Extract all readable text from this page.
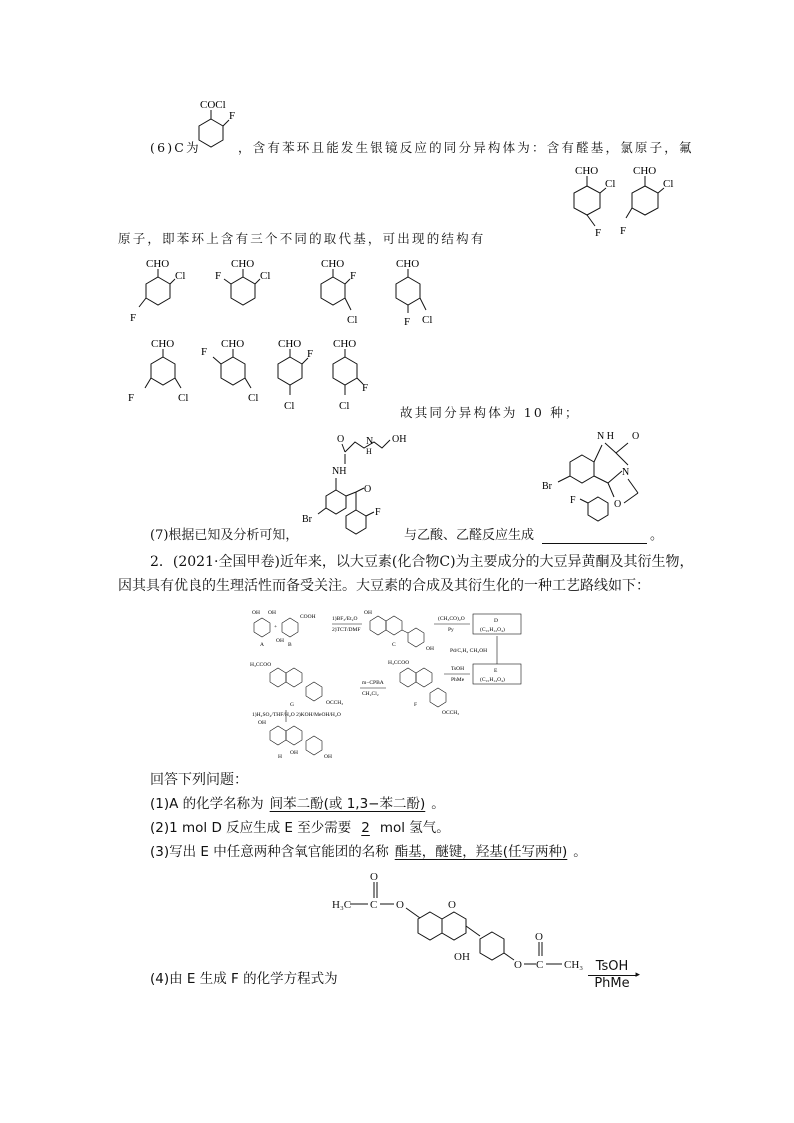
COCl
F
(6)C为	，含有苯环且能发生银镜反应的同分异构体为：含有醛基，氯原子，氟
CHO
Cl
F
CHO
Cl
F
原子，即苯环上含有三个不同的取代基，可出现的结构有
CHO
Cl
F
CHO
Cl
F
CHO
F
Cl
CHO
F Cl
CHO
F	Cl
CHO
F
Cl
CHO
F
Cl
CHO
F
Cl	故其同分异构体为 10 种；
N
H
OH
O
NH
Br
O
F
N H O
N
O
Br
F
(7)根据已知及分析可知，	与乙酸、乙醛反应生成	。
2．(2021·全国甲卷)近年来，以大豆素(化合物C)为主要成分的大豆异黄酮及其衍生物，
因其具有优良的生理活性而备受关注。大豆素的合成及其衍生化的一种工艺路线如下：
OH OH
A
+
OH
COOH
B
1)BF₃/Et₂O
2)TCT/DMF
OH
OH
C
(CH₃CO)₂O
Py
D
(C₁₅H₁₂O₄)
Pd/C,H₂ CH₃OH
E
(C₁₅H₁₄O₄)
TsOH
PhMe
H₃CCOO
OCCH₃
F
m−CPBA
CH₂Cl₂
H₃CCOO
OCCH₃
G
1)H₂SO₄/THF/H₂O 2)KOH/MeOH/H₂O
OH
OH
OH
H
回答下列问题：
(1)A 的化学名称为 间苯二酚(或 1,3−苯二酚) 。
(2)1 mol D 反应生成 E 至少需要 2 mol 氢气。
(3)写出 E 中任意两种含氧官能团的名称 酯基，醚键，羟基(任写两种) 。
H₃C C
O
O	O
OH
O C
O
CH₃
(4)由 E 生成 F 的化学方程式为
TsOH
▸
PhMe
